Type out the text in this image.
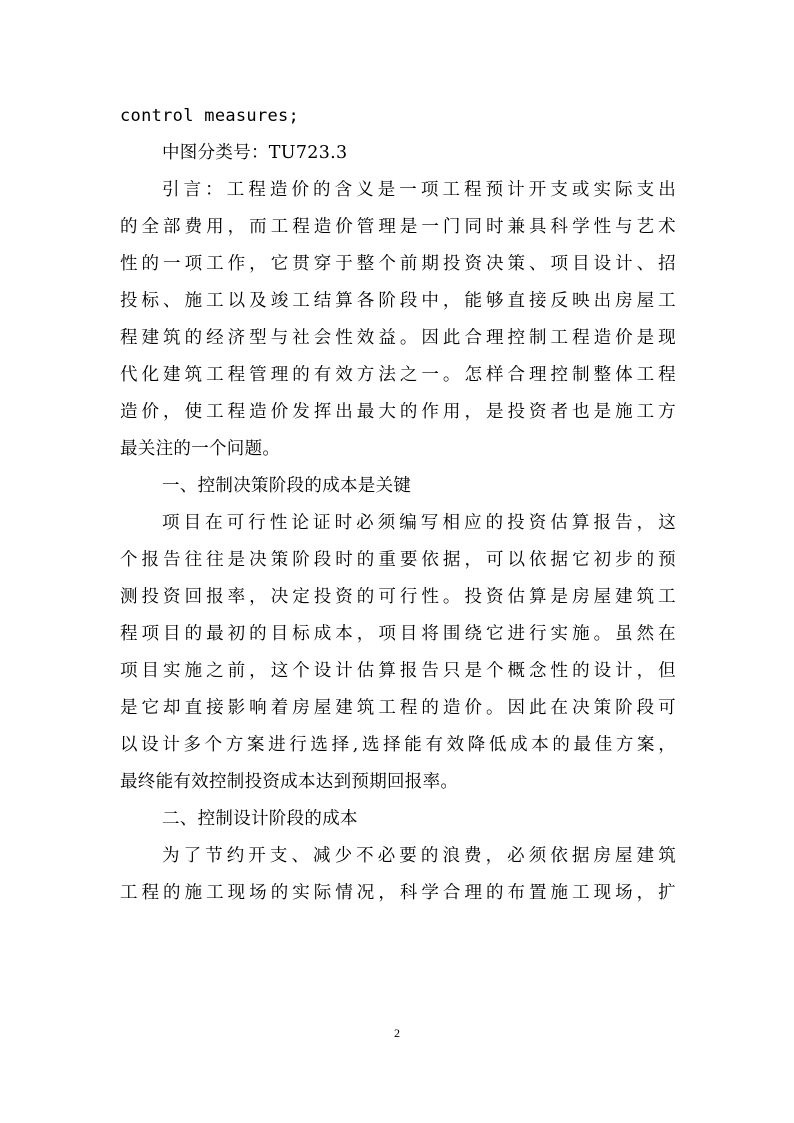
control measures;
中图分类号：TU723.3
引言：工程造价的含义是一项工程预计开支或实际支出
的全部费用，而工程造价管理是一门同时兼具科学性与艺术
性的一项工作，它贯穿于整个前期投资决策、项目设计、招
投标、施工以及竣工结算各阶段中，能够直接反映出房屋工
程建筑的经济型与社会性效益。因此合理控制工程造价是现
代化建筑工程管理的有效方法之一。怎样合理控制整体工程
造价，使工程造价发挥出最大的作用，是投资者也是施工方
最关注的一个问题。
一、控制决策阶段的成本是关键
项目在可行性论证时必须编写相应的投资估算报告，这
个报告往往是决策阶段时的重要依据，可以依据它初步的预
测投资回报率，决定投资的可行性。投资估算是房屋建筑工
程项目的最初的目标成本，项目将围绕它进行实施。虽然在
项目实施之前，这个设计估算报告只是个概念性的设计，但
是它却直接影响着房屋建筑工程的造价。因此在决策阶段可
以设计多个方案进行选择,选择能有效降低成本的最佳方案，
最终能有效控制投资成本达到预期回报率。
二、控制设计阶段的成本
为了节约开支、减少不必要的浪费，必须依据房屋建筑
工程的施工现场的实际情况，科学合理的布置施工现场，扩
2
